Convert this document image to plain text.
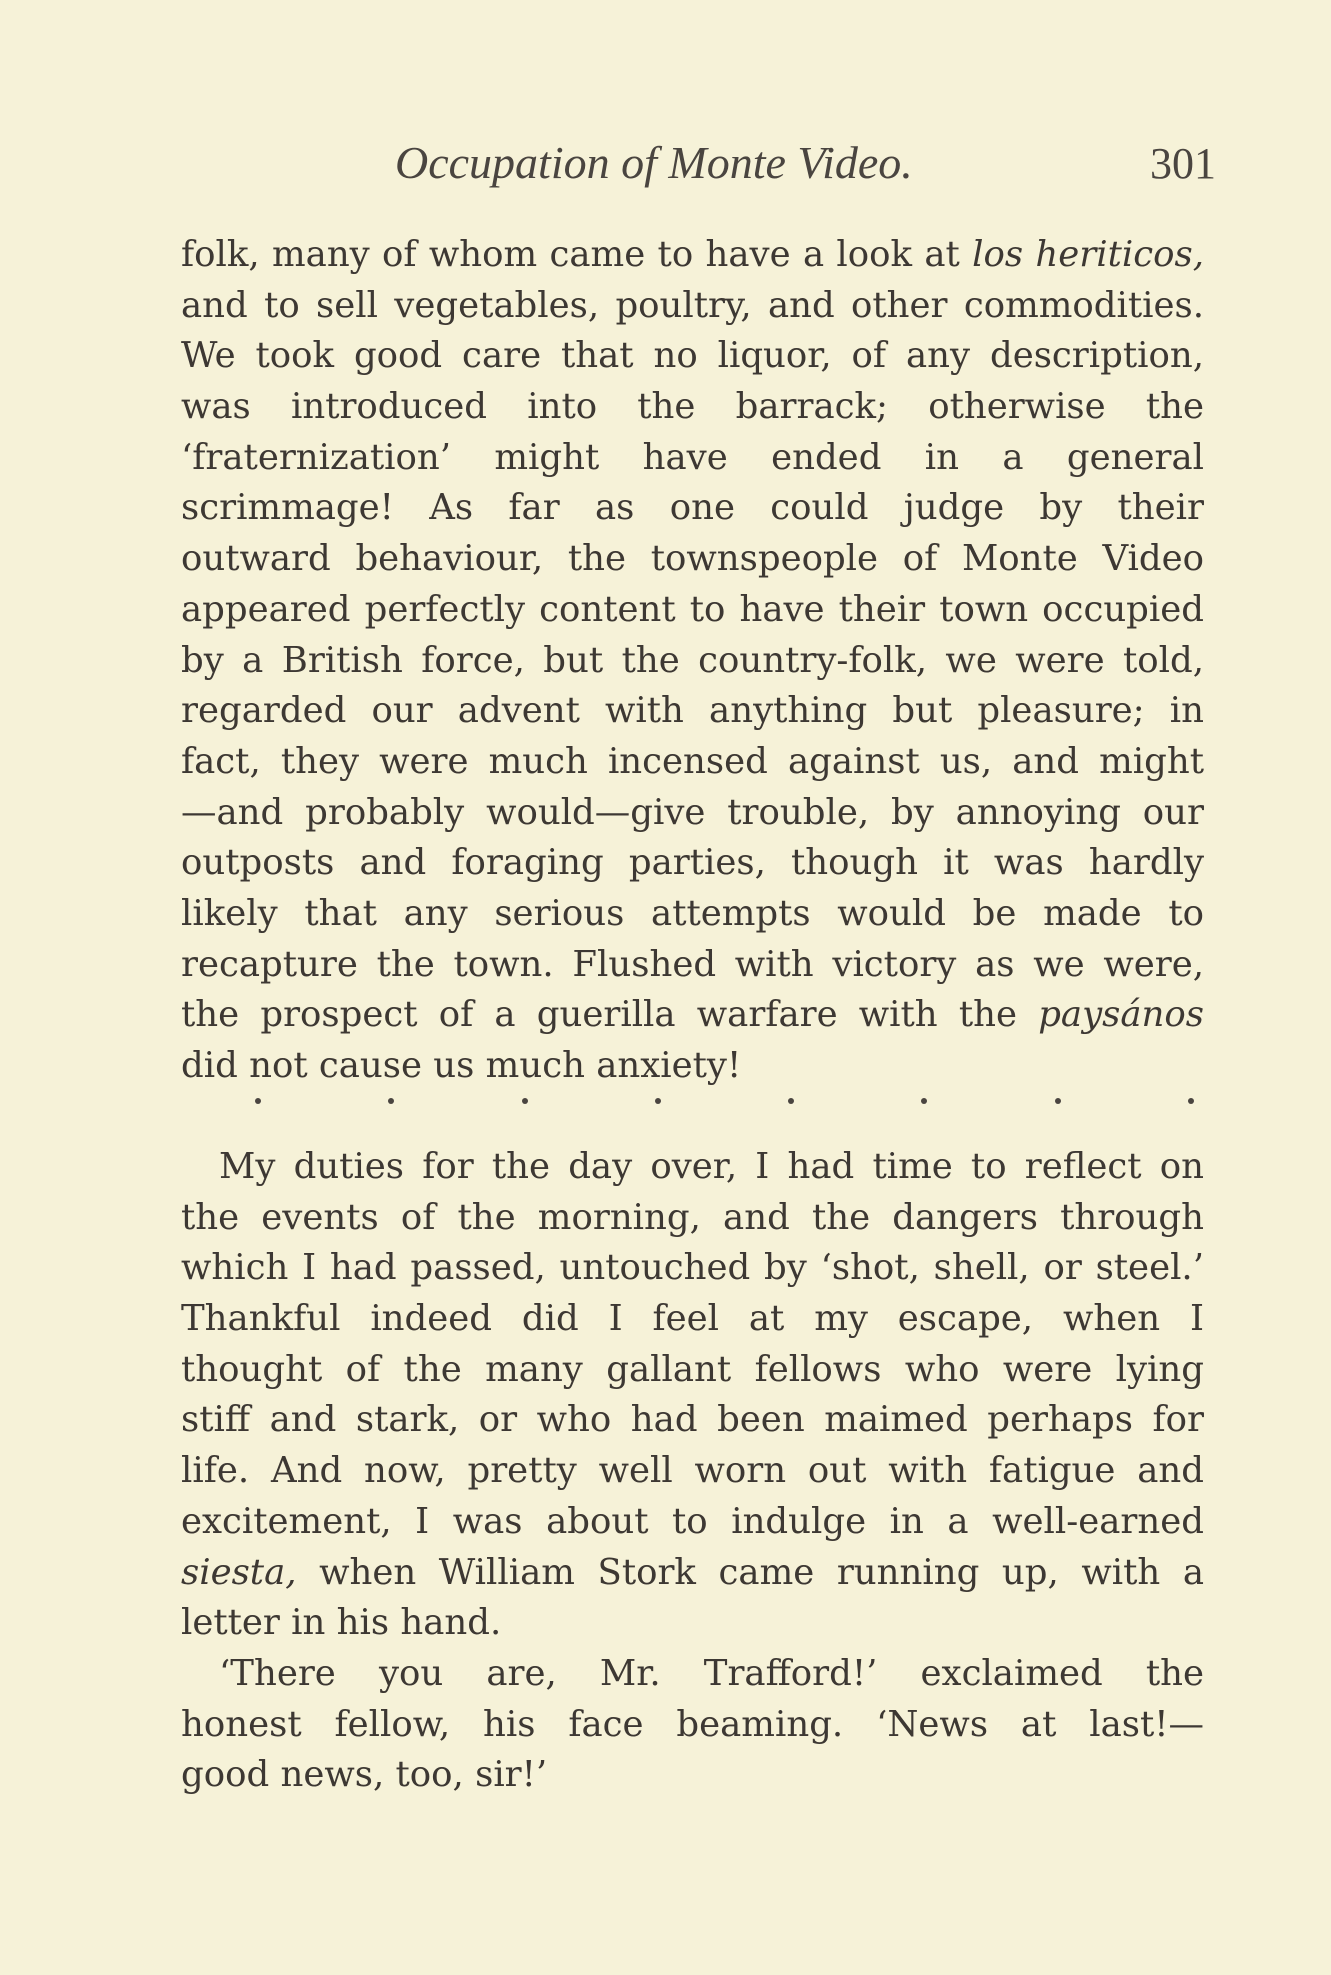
Occupation of Monte Video.	301
folk, many of whom came to have a look at los heriticos,
and to sell vegetables, poultry, and other commodities.
We took good care that no liquor, of any description,
was introduced into the barrack; otherwise the
‘fraternization’ might have ended in a general
scrimmage! As far as one could judge by their
outward behaviour, the townspeople of Monte Video
appeared perfectly content to have their town occupied
by a British force, but the country-folk, we were told,
regarded our advent with anything but pleasure; in
fact, they were much incensed against us, and might
—and probably would—give trouble, by annoying our
outposts and foraging parties, though it was hardly
likely that any serious attempts would be made to
recapture the town. Flushed with victory as we were,
the prospect of a guerilla warfare with the paysános
did not cause us much anxiety!
My duties for the day over, I had time to reflect on
the events of the morning, and the dangers through
which I had passed, untouched by ‘shot, shell, or steel.’
Thankful indeed did I feel at my escape, when I
thought of the many gallant fellows who were lying
stiff and stark, or who had been maimed perhaps for
life. And now, pretty well worn out with fatigue and
excitement, I was about to indulge in a well-earned
siesta, when William Stork came running up, with a
letter in his hand.
‘There you are, Mr. Trafford!’ exclaimed the
honest fellow, his face beaming. ‘News at last!—
good news, too, sir!’
